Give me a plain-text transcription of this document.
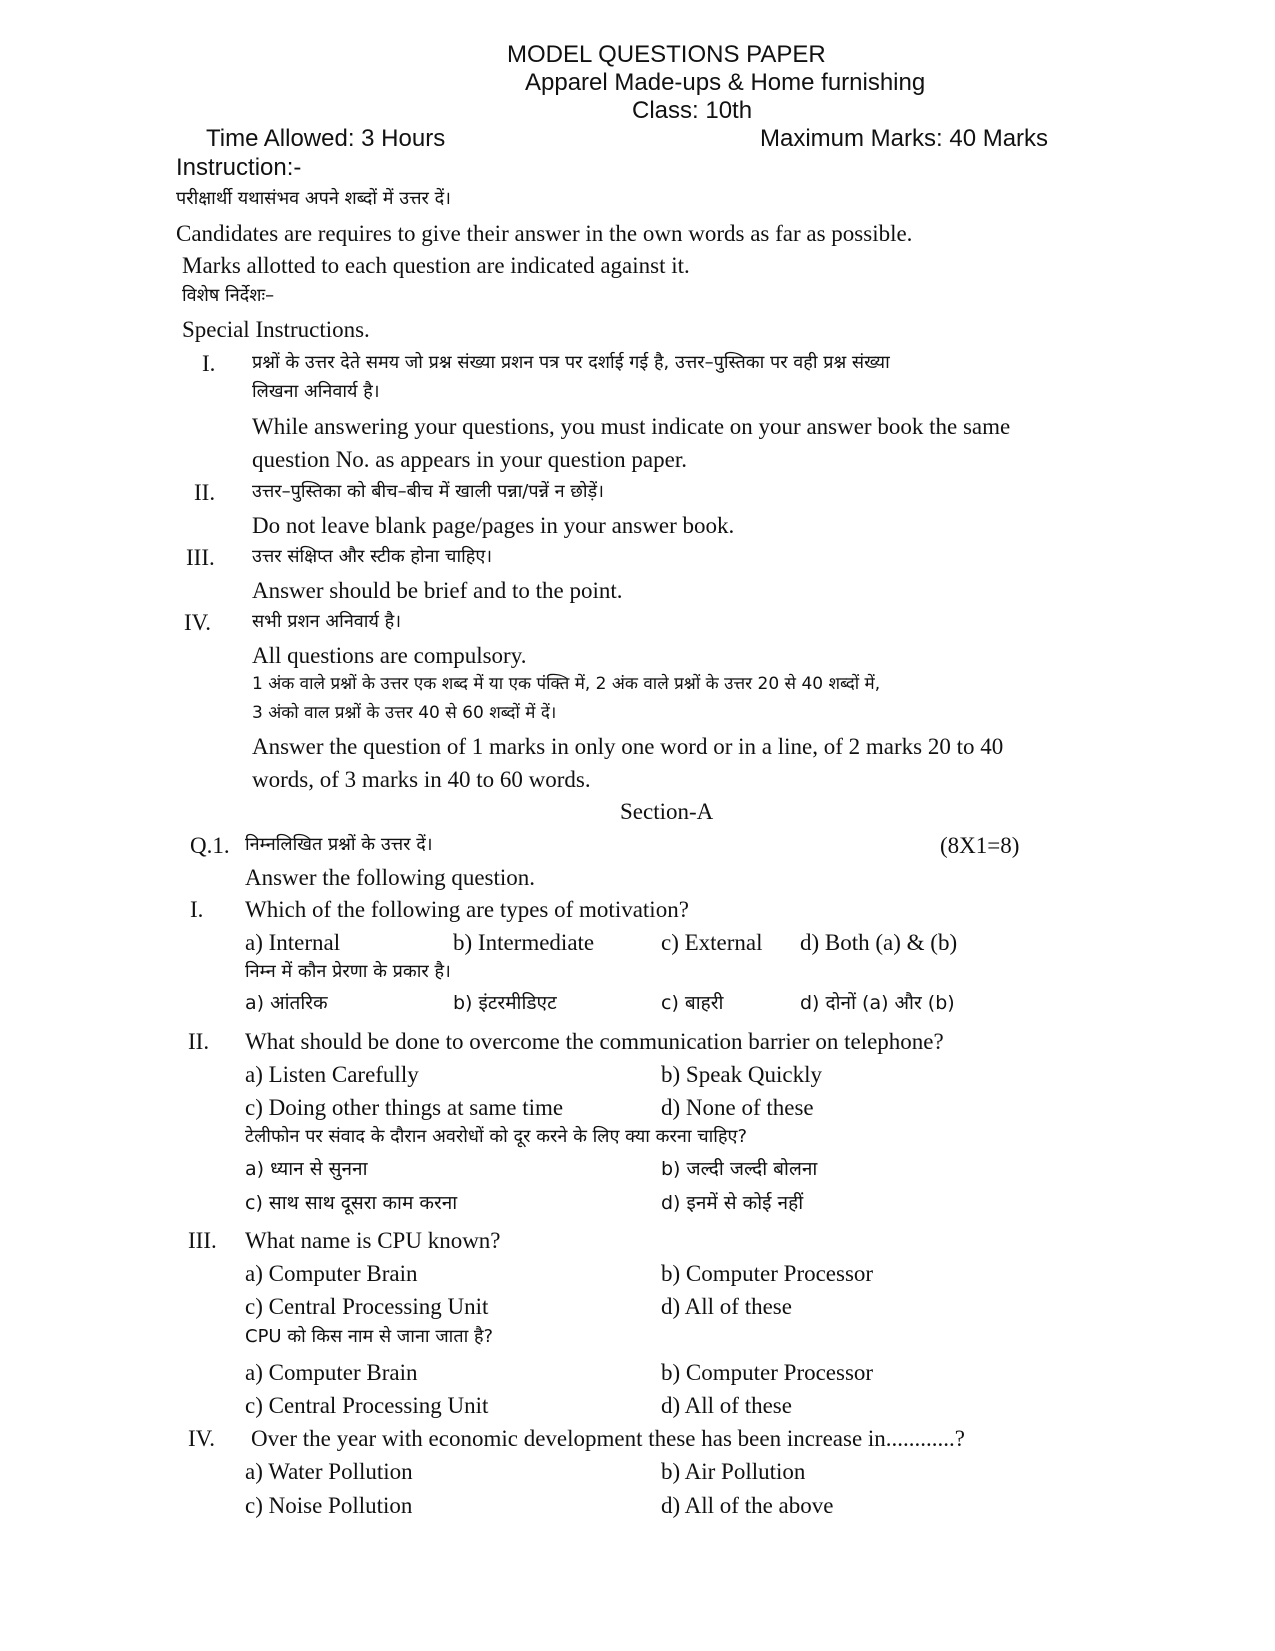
MODEL QUESTIONS PAPER
Apparel Made-ups & Home furnishing
Class: 10th
Time Allowed: 3 Hours	Maximum Marks: 40 Marks
Instruction:-
परीक्षार्थी यथासंभव अपने शब्दों में उत्तर दें।
Candidates are requires to give their answer in the own words as far as possible.
Marks allotted to each question are indicated against it.
विशेष निर्देशः–
Special Instructions.
I. प्रश्नों के उत्तर देते समय जो प्रश्न संख्या प्रशन पत्र पर दर्शाई गई है, उत्तर–पुस्तिका पर वही प्रश्न संख्या
लिखना अनिवार्य है।
While answering your questions, you must indicate on your answer book the same
question No. as appears in your question paper.
II. उत्तर–पुस्तिका को बीच–बीच में खाली पन्ना/पन्नें न छोड़ें।
Do not leave blank page/pages in your answer book.
III. उत्तर संक्षिप्त और स्टीक होना चाहिए।
Answer should be brief and to the point.
IV. सभी प्रशन अनिवार्य है।
All questions are compulsory.
1 अंक वाले प्रश्नों के उत्तर एक शब्द में या एक पंक्ति में, 2 अंक वाले प्रश्नों के उत्तर 20 से 40 शब्दों में,
3 अंको वाल प्रश्नों के उत्तर 40 से 60 शब्दों में दें।
Answer the question of 1 marks in only one word or in a line, of 2 marks 20 to 40
words, of 3 marks in 40 to 60 words.
Section-A
Q.1. निम्नलिखित प्रश्नों के उत्तर दें।	(8X1=8)
Answer the following question.
I. Which of the following are types of motivation?
a) Internal	b) Intermediate	c) External d) Both (a) & (b)
निम्न में कौन प्रेरणा के प्रकार है।
a) आंतरिक	b) इंटरमीडिएट	c) बाहरी	d) दोनों (a) और (b)
II. What should be done to overcome the communication barrier on telephone?
a) Listen Carefully	b) Speak Quickly
c) Doing other things at same time	d) None of these
टेलीफोन पर संवाद के दौरान अवरोधों को दूर करने के लिए क्या करना चाहिए?
a) ध्यान से सुनना	b) जल्दी जल्दी बोलना
c) साथ साथ दूसरा काम करना	d) इनमें से कोई नहीं
III. What name is CPU known?
a) Computer Brain	b) Computer Processor
c) Central Processing Unit	d) All of these
CPU को किस नाम से जाना जाता है?
a) Computer Brain	b) Computer Processor
c) Central Processing Unit	d) All of these
IV. Over the year with economic development these has been increase in............?
a) Water Pollution	b) Air Pollution
c) Noise Pollution	d) All of the above
